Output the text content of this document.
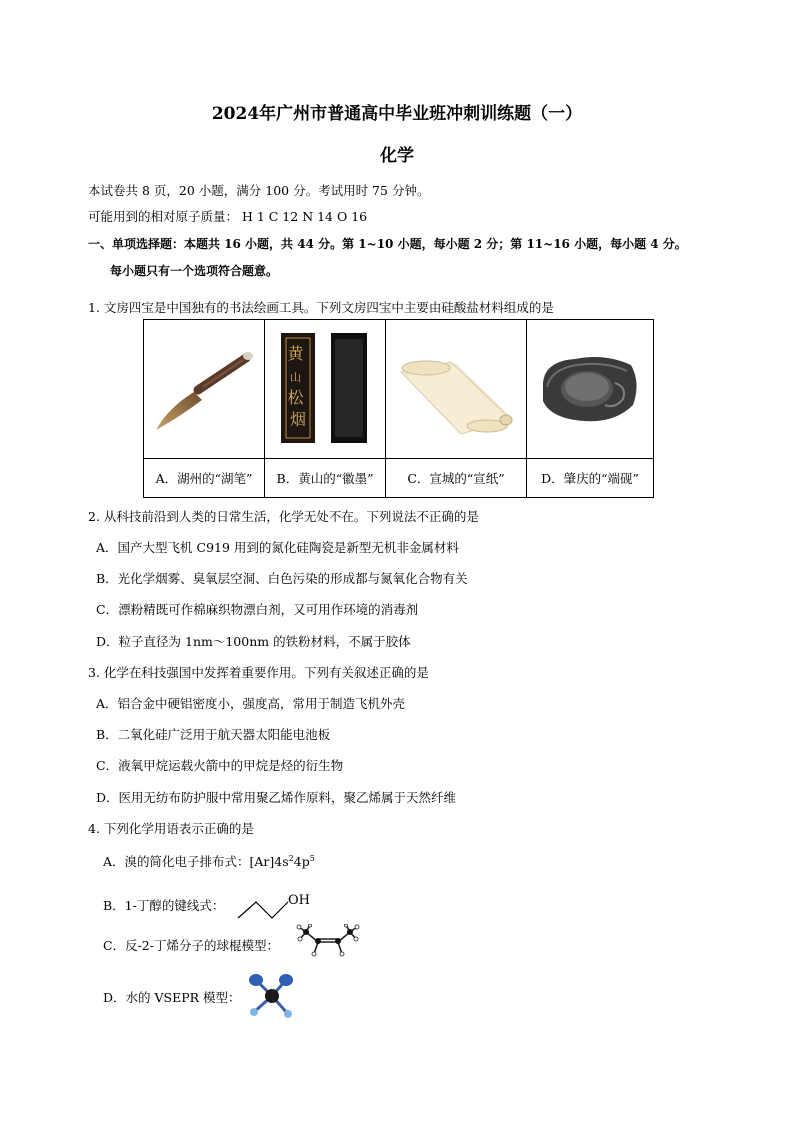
2024年广州市普通高中毕业班冲刺训练题（一）
化学
本试卷共 8 页，20 小题，满分 100 分。考试用时 75 分钟。
可能用到的相对原子质量： H 1 C 12 N 14 O 16
一、单项选择题：本题共 16 小题，共 44 分。第 1~10 小题，每小题 2 分；第 11~16 小题，每小题 4 分。
每小题只有一个选项符合题意。
1. 文房四宝是中国独有的书法绘画工具。下列文房四宝中主要由硅酸盐材料组成的是

黄 山 松 烟

A．湖州的“湖笔”	B．黄山的“徽墨”	C．宣城的“宣纸”	D．肇庆的“端砚”
2. 从科技前沿到人类的日常生活，化学无处不在。下列说法不正确的是
A．国产大型飞机 C919 用到的氮化硅陶瓷是新型无机非金属材料
B．光化学烟雾、臭氧层空洞、白色污染的形成都与氮氧化合物有关
C．漂粉精既可作棉麻织物漂白剂，又可用作环境的消毒剂
D．粒子直径为 1nm～100nm 的铁粉材料，不属于胶体
3. 化学在科技强国中发挥着重要作用。下列有关叙述正确的是
A．铝合金中硬铝密度小，强度高，常用于制造飞机外壳
B．二氧化硅广泛用于航天器太阳能电池板
C．液氧甲烷运载火箭中的甲烷是烃的衍生物
D．医用无纺布防护服中常用聚乙烯作原料，聚乙烯属于天然纤维
4. 下列化学用语表示正确的是
A．溴的简化电子排布式：$[Ar]4s^24p^5$
B．1-丁醇的键线式：	OH
C．反-2-丁烯分子的球棍模型：
D．水的 VSEPR 模型：
